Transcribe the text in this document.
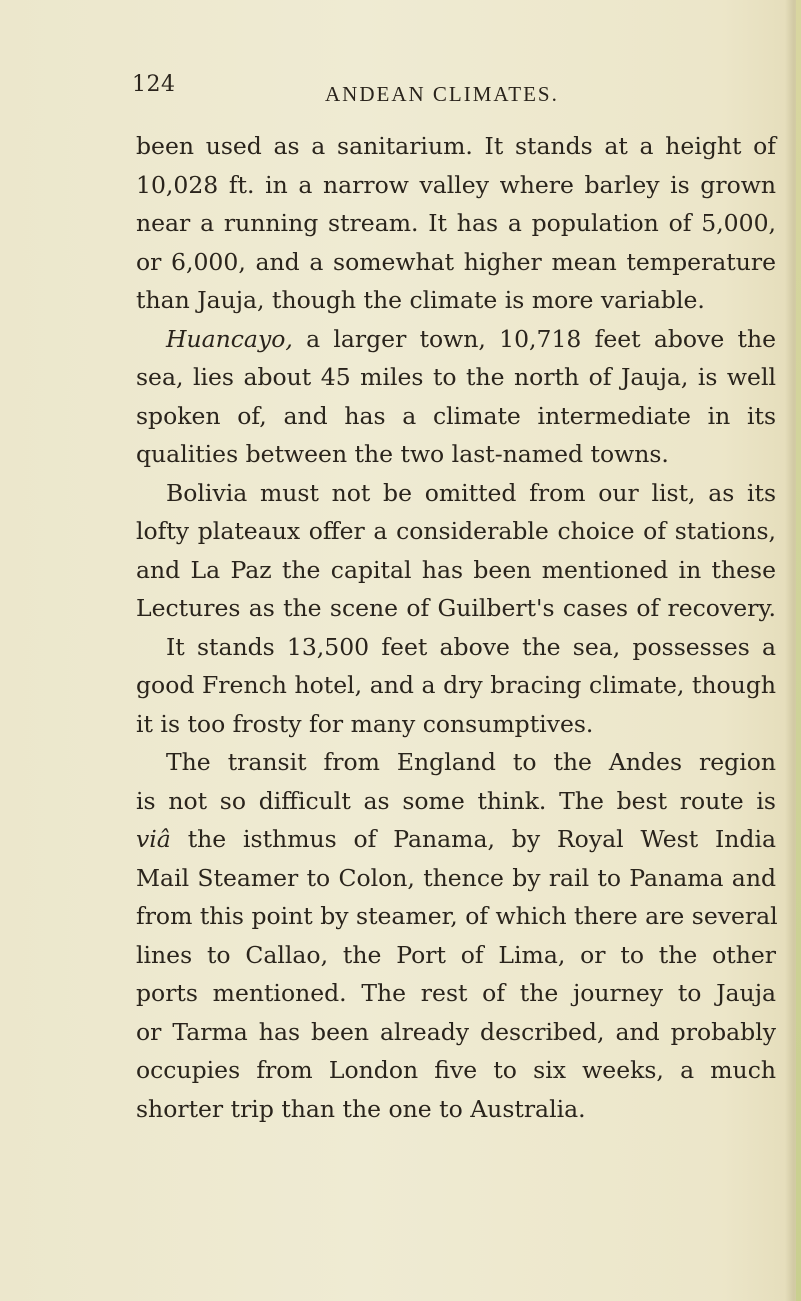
124	ANDEAN CLIMATES.
been used as a sanitarium. It stands at a height of
10,028 ft. in a narrow valley where barley is grown
near a running stream. It has a population of 5,000,
or 6,000, and a somewhat higher mean temperature
than Jauja, though the climate is more variable.
Huancayo, a larger town, 10,718 feet above the
sea, lies about 45 miles to the north of Jauja, is well
spoken of, and has a climate intermediate in its
qualities between the two last-named towns.
Bolivia must not be omitted from our list, as its
lofty plateaux offer a considerable choice of stations,
and La Paz the capital has been mentioned in these
Lectures as the scene of Guilbert's cases of recovery.
It stands 13,500 feet above the sea, possesses a
good French hotel, and a dry bracing climate, though
it is too frosty for many consumptives.
The transit from England to the Andes region
is not so difficult as some think. The best route is
viâ the isthmus of Panama, by Royal West India
Mail Steamer to Colon, thence by rail to Panama and
from this point by steamer, of which there are several
lines to Callao, the Port of Lima, or to the other
ports mentioned. The rest of the journey to Jauja
or Tarma has been already described, and probably
occupies from London five to six weeks, a much
shorter trip than the one to Australia.
